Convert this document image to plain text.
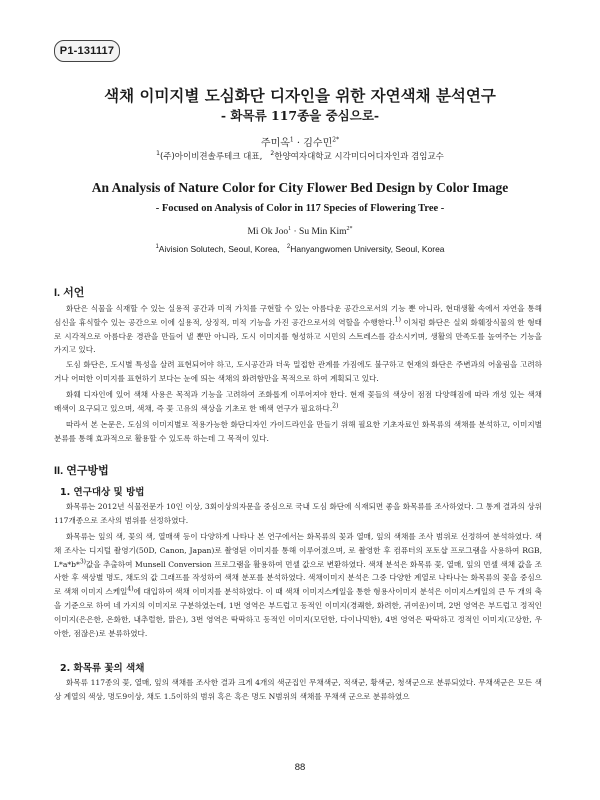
P1-131117
색채 이미지별 도심화단 디자인을 위한 자연색채 분석연구
- 화목류 117종을 중심으로-
주미옥$^1$ · 김수민$^{2*}$
$^1$(주)아이비젼솔루테크 대표, $^2$한양여자대학교 시각미디어디자인과 겸임교수
An Analysis of Nature Color for City Flower Bed Design by Color Image
- Focused on Analysis of Color in 117 Species of Flowering Tree -
Mi Ok Joo$^1$ · Su Min Kim$^{2*}$
$^1$Aivision Solutech, Seoul, Korea, $^2$Hanyangwomen University, Seoul, Korea
I. 서언

화단은 식물을 식재할 수 있는 실용적 공간과 미적 가치를 구현할 수 있는 아름다운 공간으로서의 기능 뿐 아니라, 현대생활 속에서 자연을 통해 심신을 휴식할수 있는 공간으로 이에 실용적, 상징적, 미적 기능을 가진 공간으로서의 역할을 수행한다.$^{1)}$ 이처럼 화단은 실외 화훼장식물의 한 형태로 시각적으로 아름다운 경관을 만들어 낼 뿐만 아니라, 도시 이미지를 형성하고 시민의 스트레스를 감소시키며, 생활의 만족도를 높여주는 기능을 가지고 있다.

도심 화단은, 도시별 특성을 살려 표현되어야 하고, 도시공간과 더욱 밀접한 관계를 가짐에도 불구하고 현재의 화단은 주변과의 어울림을 고려하거나 어떠한 이미지를 표현하기 보다는 눈에 띄는 색채의 화려함만을 목적으로 하여 계획되고 있다.

화훼 디자인에 있어 색채 사용은 목적과 기능을 고려하여 조화롭게 이루어져야 한다. 현재 꽃들의 색상이 점점 다양해짐에 따라 개성 있는 색채 배색이 요구되고 있으며, 색채, 즉 꽃 고유의 색상을 기초로 한 배색 연구가 필요하다.$^{2)}$

따라서 본 논문은, 도심의 이미지별로 적용가능한 화단디자인 가이드라인을 만들기 위해 필요한 기초자료인 화목류의 색채를 분석하고, 이미지별 분류를 통해 효과적으로 활용할 수 있도록 하는데 그 목적이 있다.

II. 연구방법
1. 연구대상 및 방법

화목류는 2012년 식물전문가 10인 이상, 3회이상의자문을 중심으로 국내 도심 화단에 식재되면 좋을 화목류를 조사하였다. 그 통계 결과의 상위 117개종으로 조사의 범위를 선정하였다.

화목류는 잎의 색, 꽃의 색, 열매색 등이 다양하게 나타나 본 연구에서는 화목류의 꽃과 열매, 잎의 색채를 조사 범위로 선정하여 분석하였다. 색채 조사는 디지털 촬영기(50D, Canon, Japan)로 촬영된 이미지를 통해 이루어졌으며, 로 촬영한 후 컴퓨터의 포토샵 프로그램을 사용하여 RGB, L*a*b*$^{3)}$값을 추출하여 Munsell Conversion 프로그램을 활용하여 먼셀 값으로 변환하였다. 색채 분석은 화목류 꽃, 열매, 잎의 먼셀 색채 값을 조사한 후 색상별 명도, 채도의 값 그래프를 작성하여 색채 분포를 분석하였다. 색채이미지 분석은 그중 다양한 계열로 나타나는 화목류의 꽃을 중심으로 색채 이미지 스케일$^{4)}$에 대입하여 색채 이미지를 분석하였다. 이 때 색채 이미지스케일을 통한 형용사이미지 분석은 이미지스케일의 큰 두 개의 축을 기준으로 하여 네 가지의 이미지로 구분하였는데, 1번 영역은 부드럽고 동적인 이미지(경쾌한, 화려한, 귀여운)이며, 2번 영역은 부드럽고 정적인 이미지(은은한, 온화한, 내추럴한, 맑은), 3번 영역은 딱딱하고 동적인 이미지(모던한, 다이나믹한), 4번 영역은 딱딱하고 정적인 이미지(고상한, 우아한, 점잖은)로 분류하였다.

2. 화목류 꽃의 색채

화목류 117종의 꽃, 열매, 잎의 색채를 조사한 결과 크게 4개의 색군집인 무채색군, 적색군, 황색군, 청색군으로 분류되었다. 무채색군은 모든 색상 계열의 색상, 명도9이상, 채도 1.5이하의 범위 혹은 혹은 명도 N범위의 색채를 무채색 군으로 분류하였으

88
